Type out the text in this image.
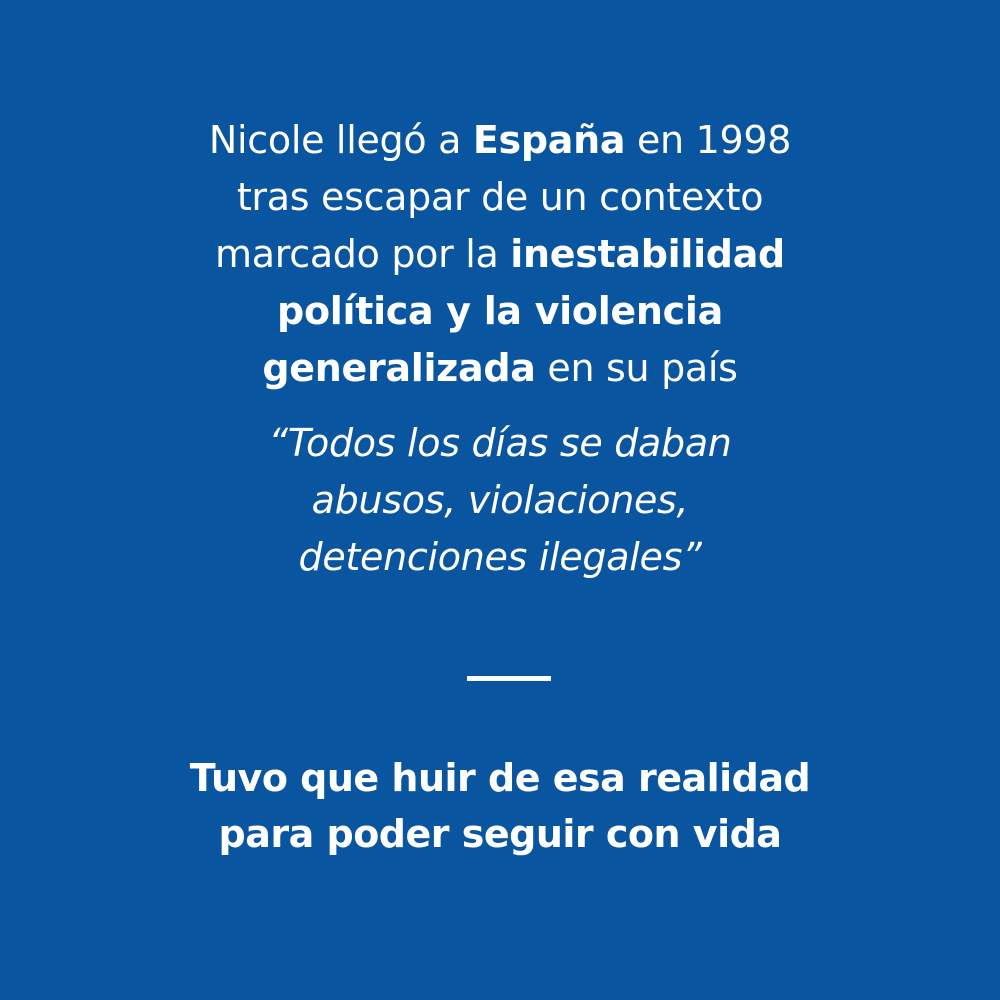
Nicole llegó a España en 1998
tras escapar de un contexto
marcado por la inestabilidad
política y la violencia
generalizada en su país

“Todos los días se daban
abusos, violaciones,
detenciones ilegales”

Tuvo que huir de esa realidad
para poder seguir con vida
